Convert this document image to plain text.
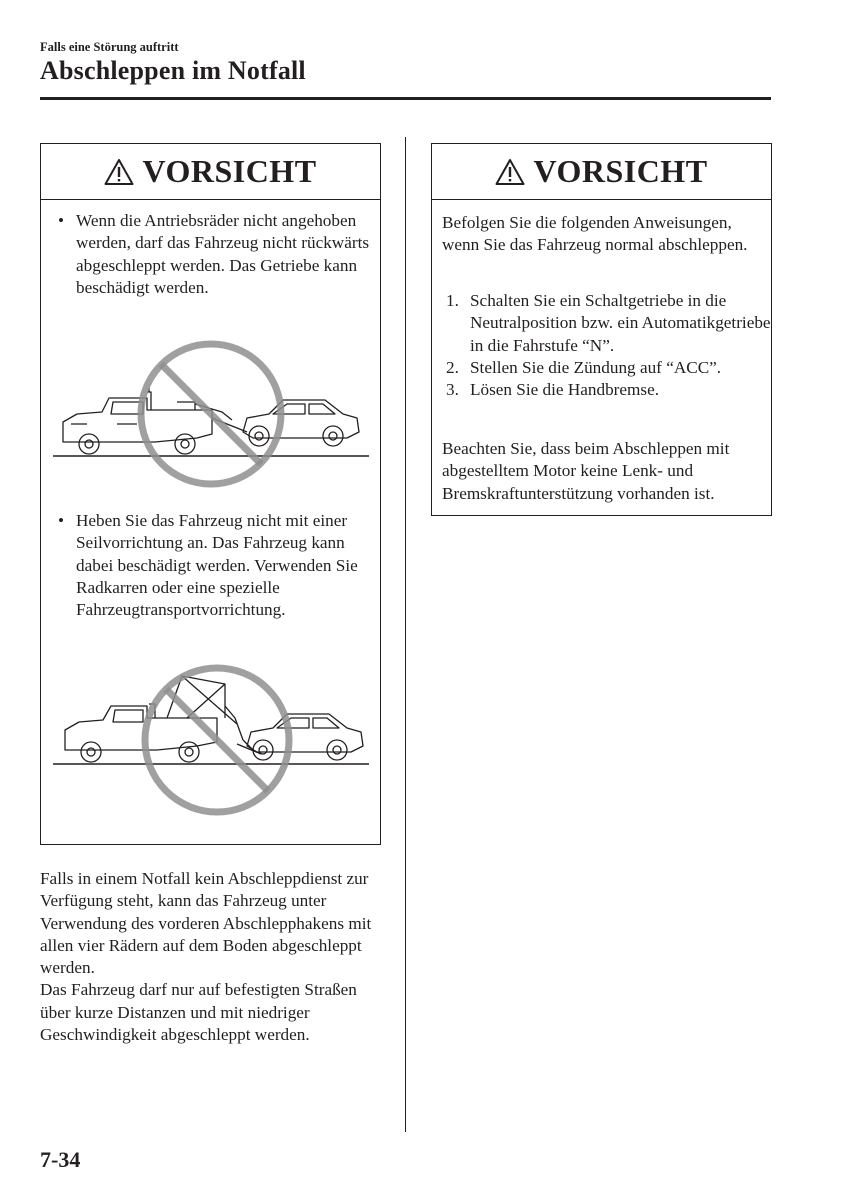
Falls eine Störung auftritt
Abschleppen im Notfall
VORSICHT
• Wenn die Antriebsräder nicht angehoben werden, darf das Fahrzeug nicht rückwärts abgeschleppt werden. Das Getriebe kann beschädigt werden.
• Heben Sie das Fahrzeug nicht mit einer Seilvorrichtung an. Das Fahrzeug kann dabei beschädigt werden. Verwenden Sie Radkarren oder eine spezielle Fahrzeugtransportvorrichtung.
VORSICHT

Befolgen Sie die folgenden Anweisungen, wenn Sie das Fahrzeug normal abschleppen.

1. Schalten Sie ein Schaltgetriebe in die Neutralposition bzw. ein Automatikgetriebe in die Fahrstufe “N”.
2. Stellen Sie die Zündung auf “ACC”.
3. Lösen Sie die Handbremse.

Beachten Sie, dass beim Abschleppen mit abgestelltem Motor keine Lenk- und Bremskraftunterstützung vorhanden ist.

Falls in einem Notfall kein Abschleppdienst zur Verfügung steht, kann das Fahrzeug unter Verwendung des vorderen Abschlepphakens mit allen vier Rädern auf dem Boden abgeschleppt werden.

Das Fahrzeug darf nur auf befestigten Straßen über kurze Distanzen und mit niedriger Geschwindigkeit abgeschleppt werden.

7-34
